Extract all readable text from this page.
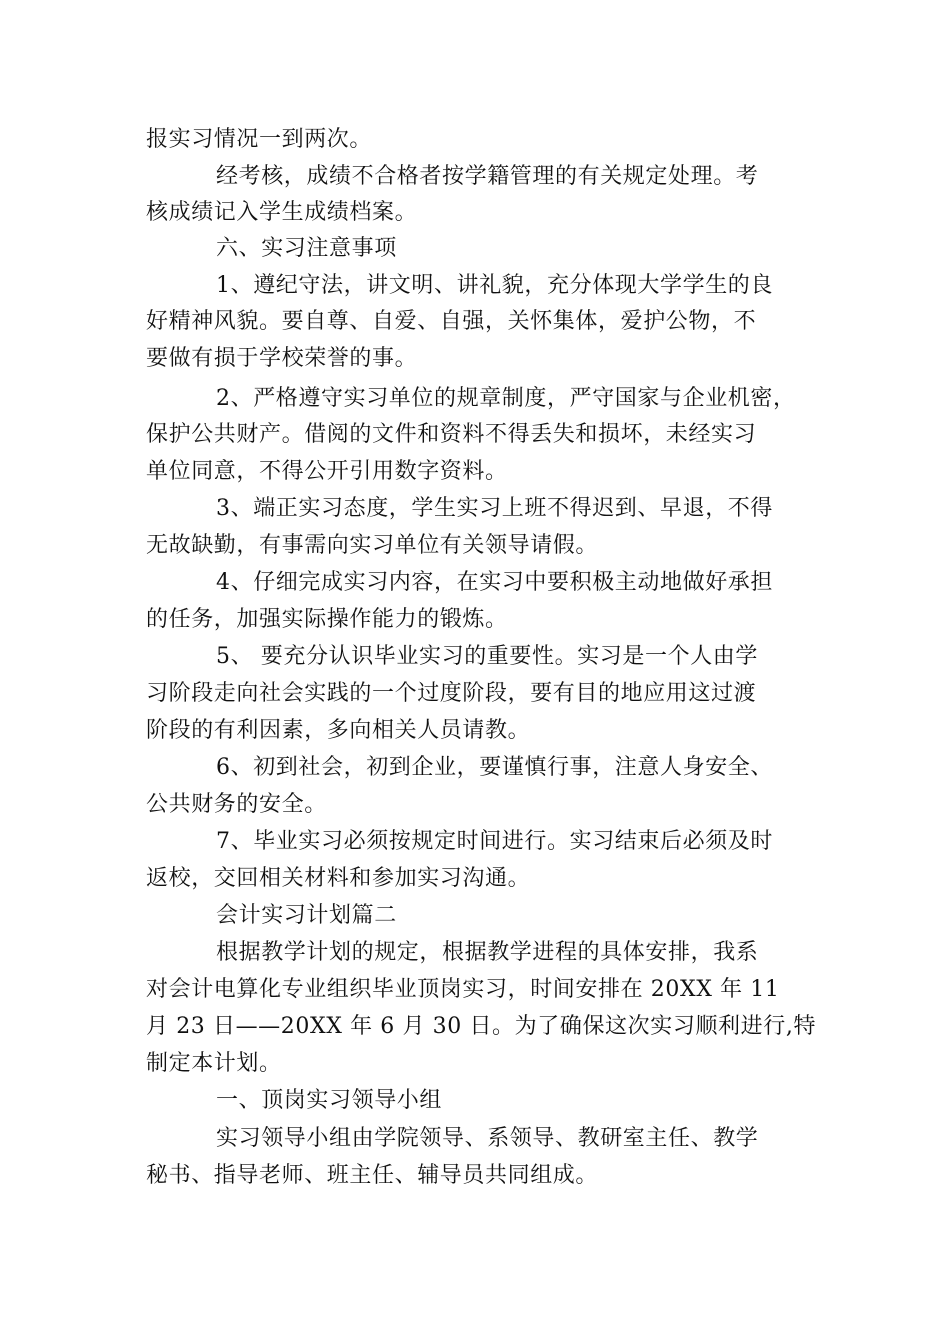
报实习情况一到两次。
经考核，成绩不合格者按学籍管理的有关规定处理。考
核成绩记入学生成绩档案。
六、实习注意事项
1、遵纪守法，讲文明、讲礼貌，充分体现大学学生的良
好精神风貌。要自尊、自爱、自强，关怀集体，爱护公物，不
要做有损于学校荣誉的事。
2、严格遵守实习单位的规章制度，严守国家与企业机密，
保护公共财产。借阅的文件和资料不得丢失和损坏，未经实习
单位同意，不得公开引用数字资料。
3、端正实习态度，学生实习上班不得迟到、早退，不得
无故缺勤，有事需向实习单位有关领导请假。
4、仔细完成实习内容，在实习中要积极主动地做好承担
的任务，加强实际操作能力的锻炼。
5、 要充分认识毕业实习的重要性。实习是一个人由学
习阶段走向社会实践的一个过度阶段，要有目的地应用这过渡
阶段的有利因素，多向相关人员请教。
6、初到社会，初到企业，要谨慎行事，注意人身安全、
公共财务的安全。
7、毕业实习必须按规定时间进行。实习结束后必须及时
返校，交回相关材料和参加实习沟通。
会计实习计划篇二
根据教学计划的规定，根据教学进程的具体安排，我系
对会计电算化专业组织毕业顶岗实习，时间安排在 20XX 年 11
月 23 日——20XX 年 6 月 30 日。为了确保这次实习顺利进行,特
制定本计划。
一、顶岗实习领导小组
实习领导小组由学院领导、系领导、教研室主任、教学
秘书、指导老师、班主任、辅导员共同组成。
